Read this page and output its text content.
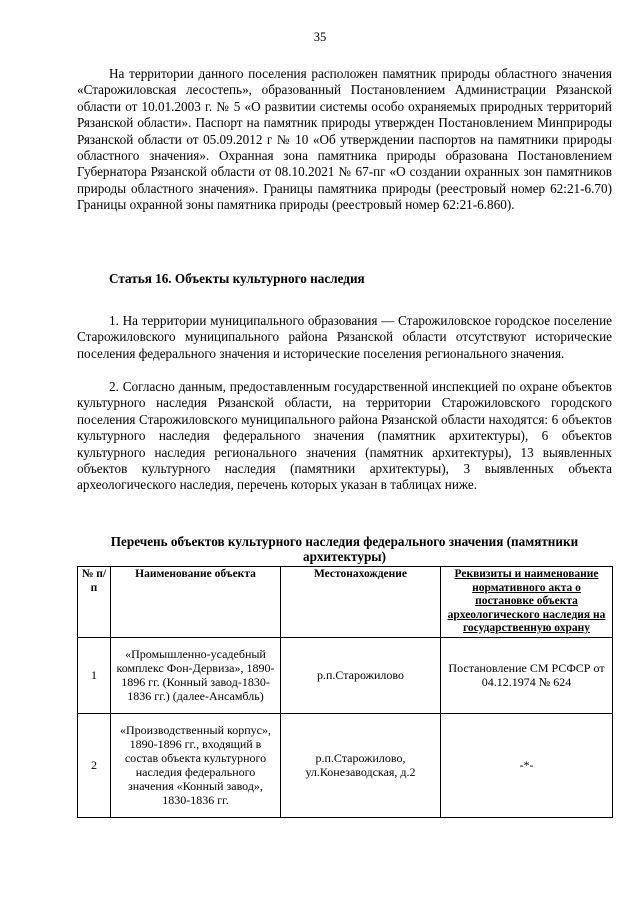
35

На территории данного поселения расположен памятник природы областного значения «Старожиловская лесостепь», образованный Постановлением Администрации Рязанской области от 10.01.2003 г. № 5 «О развитии системы особо охраняемых природных территорий Рязанской области». Паспорт на памятник природы утвержден Постановлением Минприроды Рязанской области от 05.09.2012 г № 10 «Об утверждении паспортов на памятники природы областного значения». Охранная зона памятника природы образована Постановлением Губернатора Рязанской области от 08.10.2021 № 67-пг «О создании охранных зон памятников природы областного значения». Границы памятника природы (реестровый номер 62:21-6.70) Границы охранной зоны памятника природы (реестровый номер 62:21-6.860).

Статья 16. Объекты культурного наследия

1. На территории муниципального образования — Старожиловское городское поселение Старожиловского муниципального района Рязанской области отсутствуют исторические поселения федерального значения и исторические поселения регионального значения.

2. Согласно данным, предоставленным государственной инспекцией по охране объектов культурного наследия Рязанской области, на территории Старожиловского городского поселения Старожиловского муниципального района Рязанской области находятся: 6 объектов культурного наследия федерального значения (памятник архитектуры), 6 объектов культурного наследия регионального значения (памятник архитектуры), 13 выявленных объектов культурного наследия (памятники архитектуры), 3 выявленных объекта археологического наследия, перечень которых указан в таблицах ниже.

Перечень объектов культурного наследия федерального значения (памятники архитектуры)

№ п/п	Наименование объекта	Местонахождение	Реквизиты и наименование нормативного акта о постановке объекта археологического наследия на государственную охрану
1	«Промышленно-усадебный комплекс Фон-Дервиза», 1890-1896 гг. (Конный завод-1830-1836 гг.) (далее-Ансамбль)	р.п.Старожилово	Постановление СМ РСФСР от 04.12.1974 № 624
2	«Производственный корпус», 1890-1896 гг., входящий в состав объекта культурного наследия федерального значения «Конный завод», 1830-1836 гг.	р.п.Старожилово, ул.Конезаводская, д.2	-*-
